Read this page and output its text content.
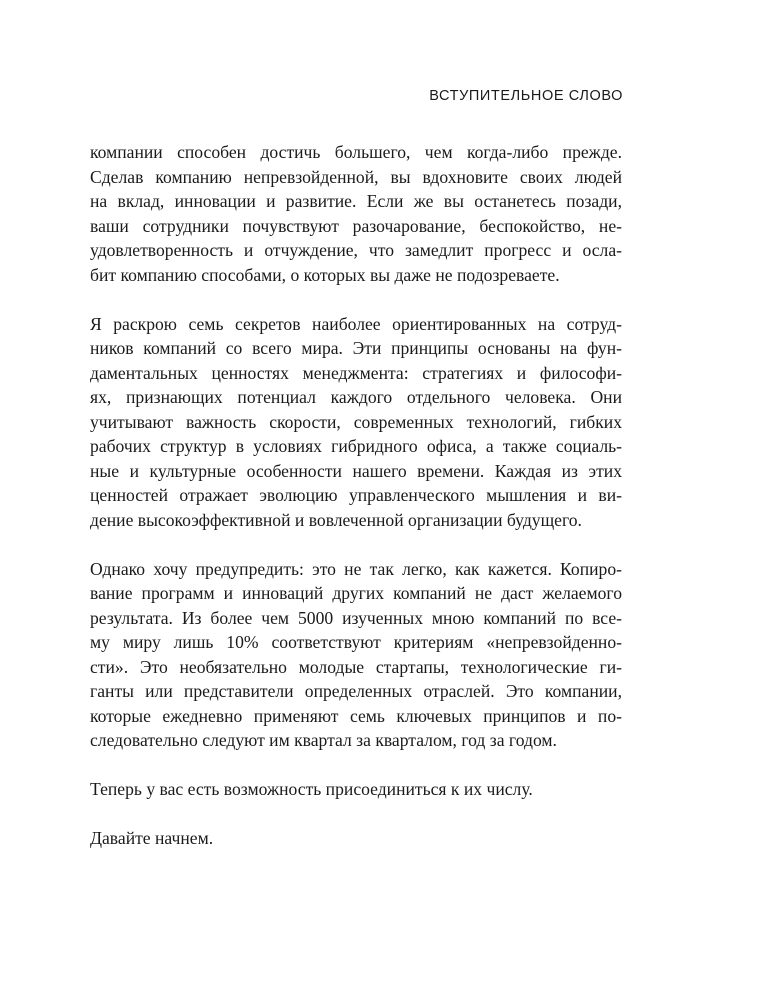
ВСТУПИТЕЛЬНОЕ СЛОВО

компании способен достичь большего, чем когда-либо прежде.
Сделав компанию непревзойденной, вы вдохновите своих людей
на вклад, инновации и развитие. Если же вы останетесь позади,
ваши сотрудники почувствуют разочарование, беспокойство, не-
удовлетворенность и отчуждение, что замедлит прогресс и осла-
бит компанию способами, о которых вы даже не подозреваете.

Я раскрою семь секретов наиболее ориентированных на сотруд-
ников компаний со всего мира. Эти принципы основаны на фун-
даментальных ценностях менеджмента: стратегиях и философи-
ях, признающих потенциал каждого отдельного человека. Они
учитывают важность скорости, современных технологий, гибких
рабочих структур в условиях гибридного офиса, а также социаль-
ные и культурные особенности нашего времени. Каждая из этих
ценностей отражает эволюцию управленческого мышления и ви-
дение высокоэффективной и вовлеченной организации будущего.

Однако хочу предупредить: это не так легко, как кажется. Копиро-
вание программ и инноваций других компаний не даст желаемого
результата. Из более чем 5000 изученных мною компаний по все-
му миру лишь 10% соответствуют критериям «непревзойденно-
сти». Это необязательно молодые стартапы, технологические ги-
ганты или представители определенных отраслей. Это компании,
которые ежедневно применяют семь ключевых принципов и по-
следовательно следуют им квартал за кварталом, год за годом.

Теперь у вас есть возможность присоединиться к их числу.

Давайте начнем.
